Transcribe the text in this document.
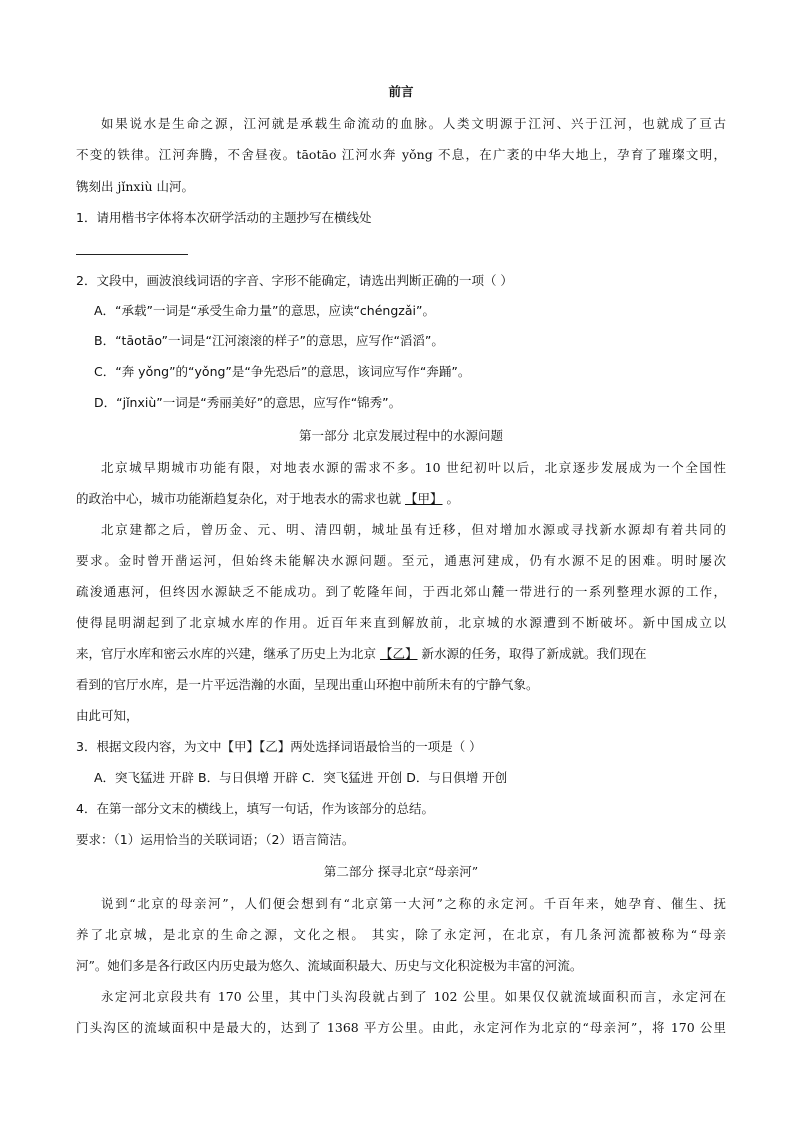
前言
如果说水是生命之源，江河就是承载生命流动的血脉。人类文明源于江河、兴于江河，也就成了亘古
不变的铁律。江河奔腾，不舍昼夜。tāotāo 江河水奔 yǒng 不息，在广袤的中华大地上，孕育了璀璨文明，
镌刻出 jǐnxiù 山河。
1．请用楷书字体将本次研学活动的主题抄写在横线处
2．文段中，画波浪线词语的字音、字形不能确定，请选出判断正确的一项（ ）
A．“承载”一词是“承受生命力量”的意思，应读“chéngzǎi”。
B．“tāotāo”一词是“江河滚滚的样子”的意思，应写作“滔滔”。
C．“奔 yǒng”的“yǒng”是“争先恐后”的意思，该词应写作“奔踊”。
D．“jǐnxiù”一词是“秀丽美好”的意思，应写作“锦秀”。
第一部分 北京发展过程中的水源问题
北京城早期城市功能有限，对地表水源的需求不多。10 世纪初叶以后，北京逐步发展成为一个全国性
的政治中心，城市功能渐趋复杂化，对于地表水的需求也就 【甲】 。
北京建都之后，曾历金、元、明、清四朝，城址虽有迁移，但对增加水源或寻找新水源却有着共同的
要求。金时曾开凿运河，但始终未能解决水源问题。至元，通惠河建成，仍有水源不足的困难。明时屡次
疏浚通惠河，但终因水源缺乏不能成功。到了乾隆年间，于西北郊山麓一带进行的一系列整理水源的工作，
使得昆明湖起到了北京城水库的作用。近百年来直到解放前，北京城的水源遭到不断破坏。新中国成立以
来，官厅水库和密云水库的兴建，继承了历史上为北京 【乙】 新水源的任务，取得了新成就。我们现在
看到的官厅水库，是一片平远浩瀚的水面，呈现出重山环抱中前所未有的宁静气象。
由此可知，
3．根据文段内容，为文中【甲】【乙】两处选择词语最恰当的一项是（ ）
A．突飞猛进 开辟 B．与日俱增 开辟 C．突飞猛进 开创 D．与日俱增 开创
4．在第一部分文末的横线上，填写一句话，作为该部分的总结。
要求：（1）运用恰当的关联词语；（2）语言简洁。
第二部分 探寻北京“母亲河”
说到“北京的母亲河”，人们便会想到有“北京第一大河”之称的永定河。千百年来，她孕育、催生、抚
养了北京城，是北京的生命之源，文化之根。 其实，除了永定河，在北京，有几条河流都被称为“母亲
河”。她们多是各行政区内历史最为悠久、流域面积最大、历史与文化积淀极为丰富的河流。
永定河北京段共有 170 公里，其中门头沟段就占到了 102 公里。如果仅仅就流域面积而言，永定河在
门头沟区的流域面积中是最大的，达到了 1368 平方公里。由此，永定河作为北京的“母亲河”，将 170 公里
